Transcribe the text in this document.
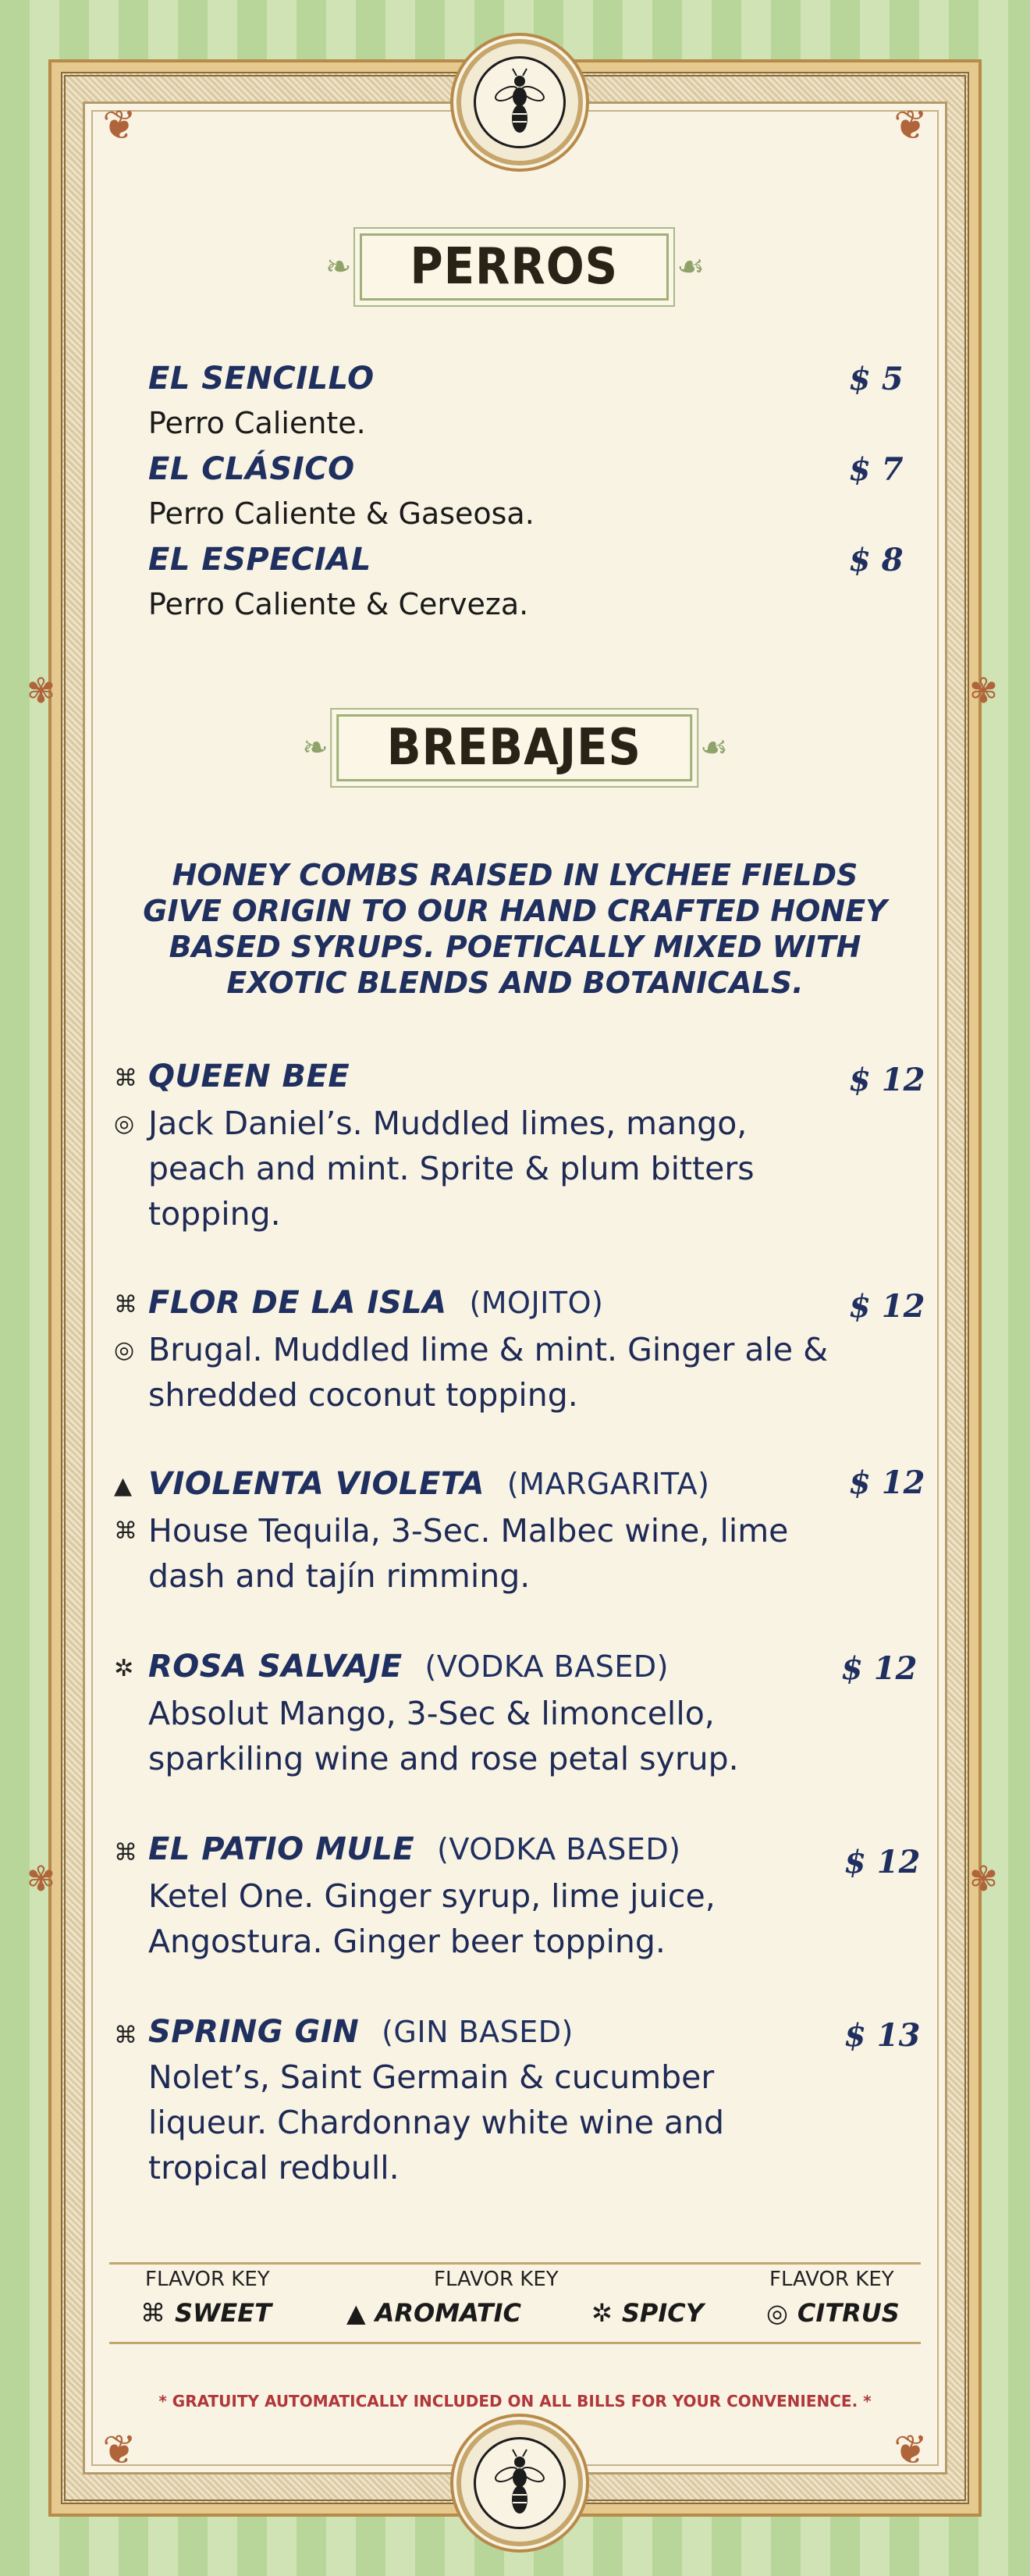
❦	❦
❦	❦
✾	✾
✾	✾
❧	PERROS	☙
EL SENCILLO	$ 5
Perro Caliente.
EL CLÁSICO	$ 7
Perro Caliente & Gaseosa.
EL ESPECIAL	$ 8
Perro Caliente & Cerveza.
❧	BREBAJES	☙
HONEY COMBS RAISED IN LYCHEE FIELDS GIVE ORIGIN TO OUR HAND CRAFTED HONEY BASED SYRUPS. POETICALLY MIXED WITH EXOTIC BLENDS AND BOTANICALS.
⌘ QUEEN BEE	$ 12
◎ Jack Daniel’s. Muddled limes, mango,
peach and mint. Sprite & plum bitters
topping.
⌘ FLOR DE LA ISLA (MOJITO)	$ 12
◎ Brugal. Muddled lime & mint. Ginger ale &
shredded coconut topping.
▲ VIOLENTA VIOLETA (MARGARITA)	$ 12
⌘ House Tequila, 3-Sec. Malbec wine, lime
dash and tajín rimming.
✲ ROSA SALVAJE (VODKA BASED)	$ 12
Absolut Mango, 3-Sec & limoncello,
sparkiling wine and rose petal syrup.
⌘ EL PATIO MULE (VODKA BASED)	$ 12
Ketel One. Ginger syrup, lime juice,
Angostura. Ginger beer topping.
⌘ SPRING GIN (GIN BASED)	$ 13
Nolet’s, Saint Germain & cucumber
liqueur. Chardonnay white wine and
tropical redbull.
FLAVOR KEY	FLAVOR KEY	FLAVOR KEY
⌘ SWEET	▲ AROMATIC	✲ SPICY	◎ CITRUS
* GRATUITY AUTOMATICALLY INCLUDED ON ALL BILLS FOR YOUR CONVENIENCE. *
